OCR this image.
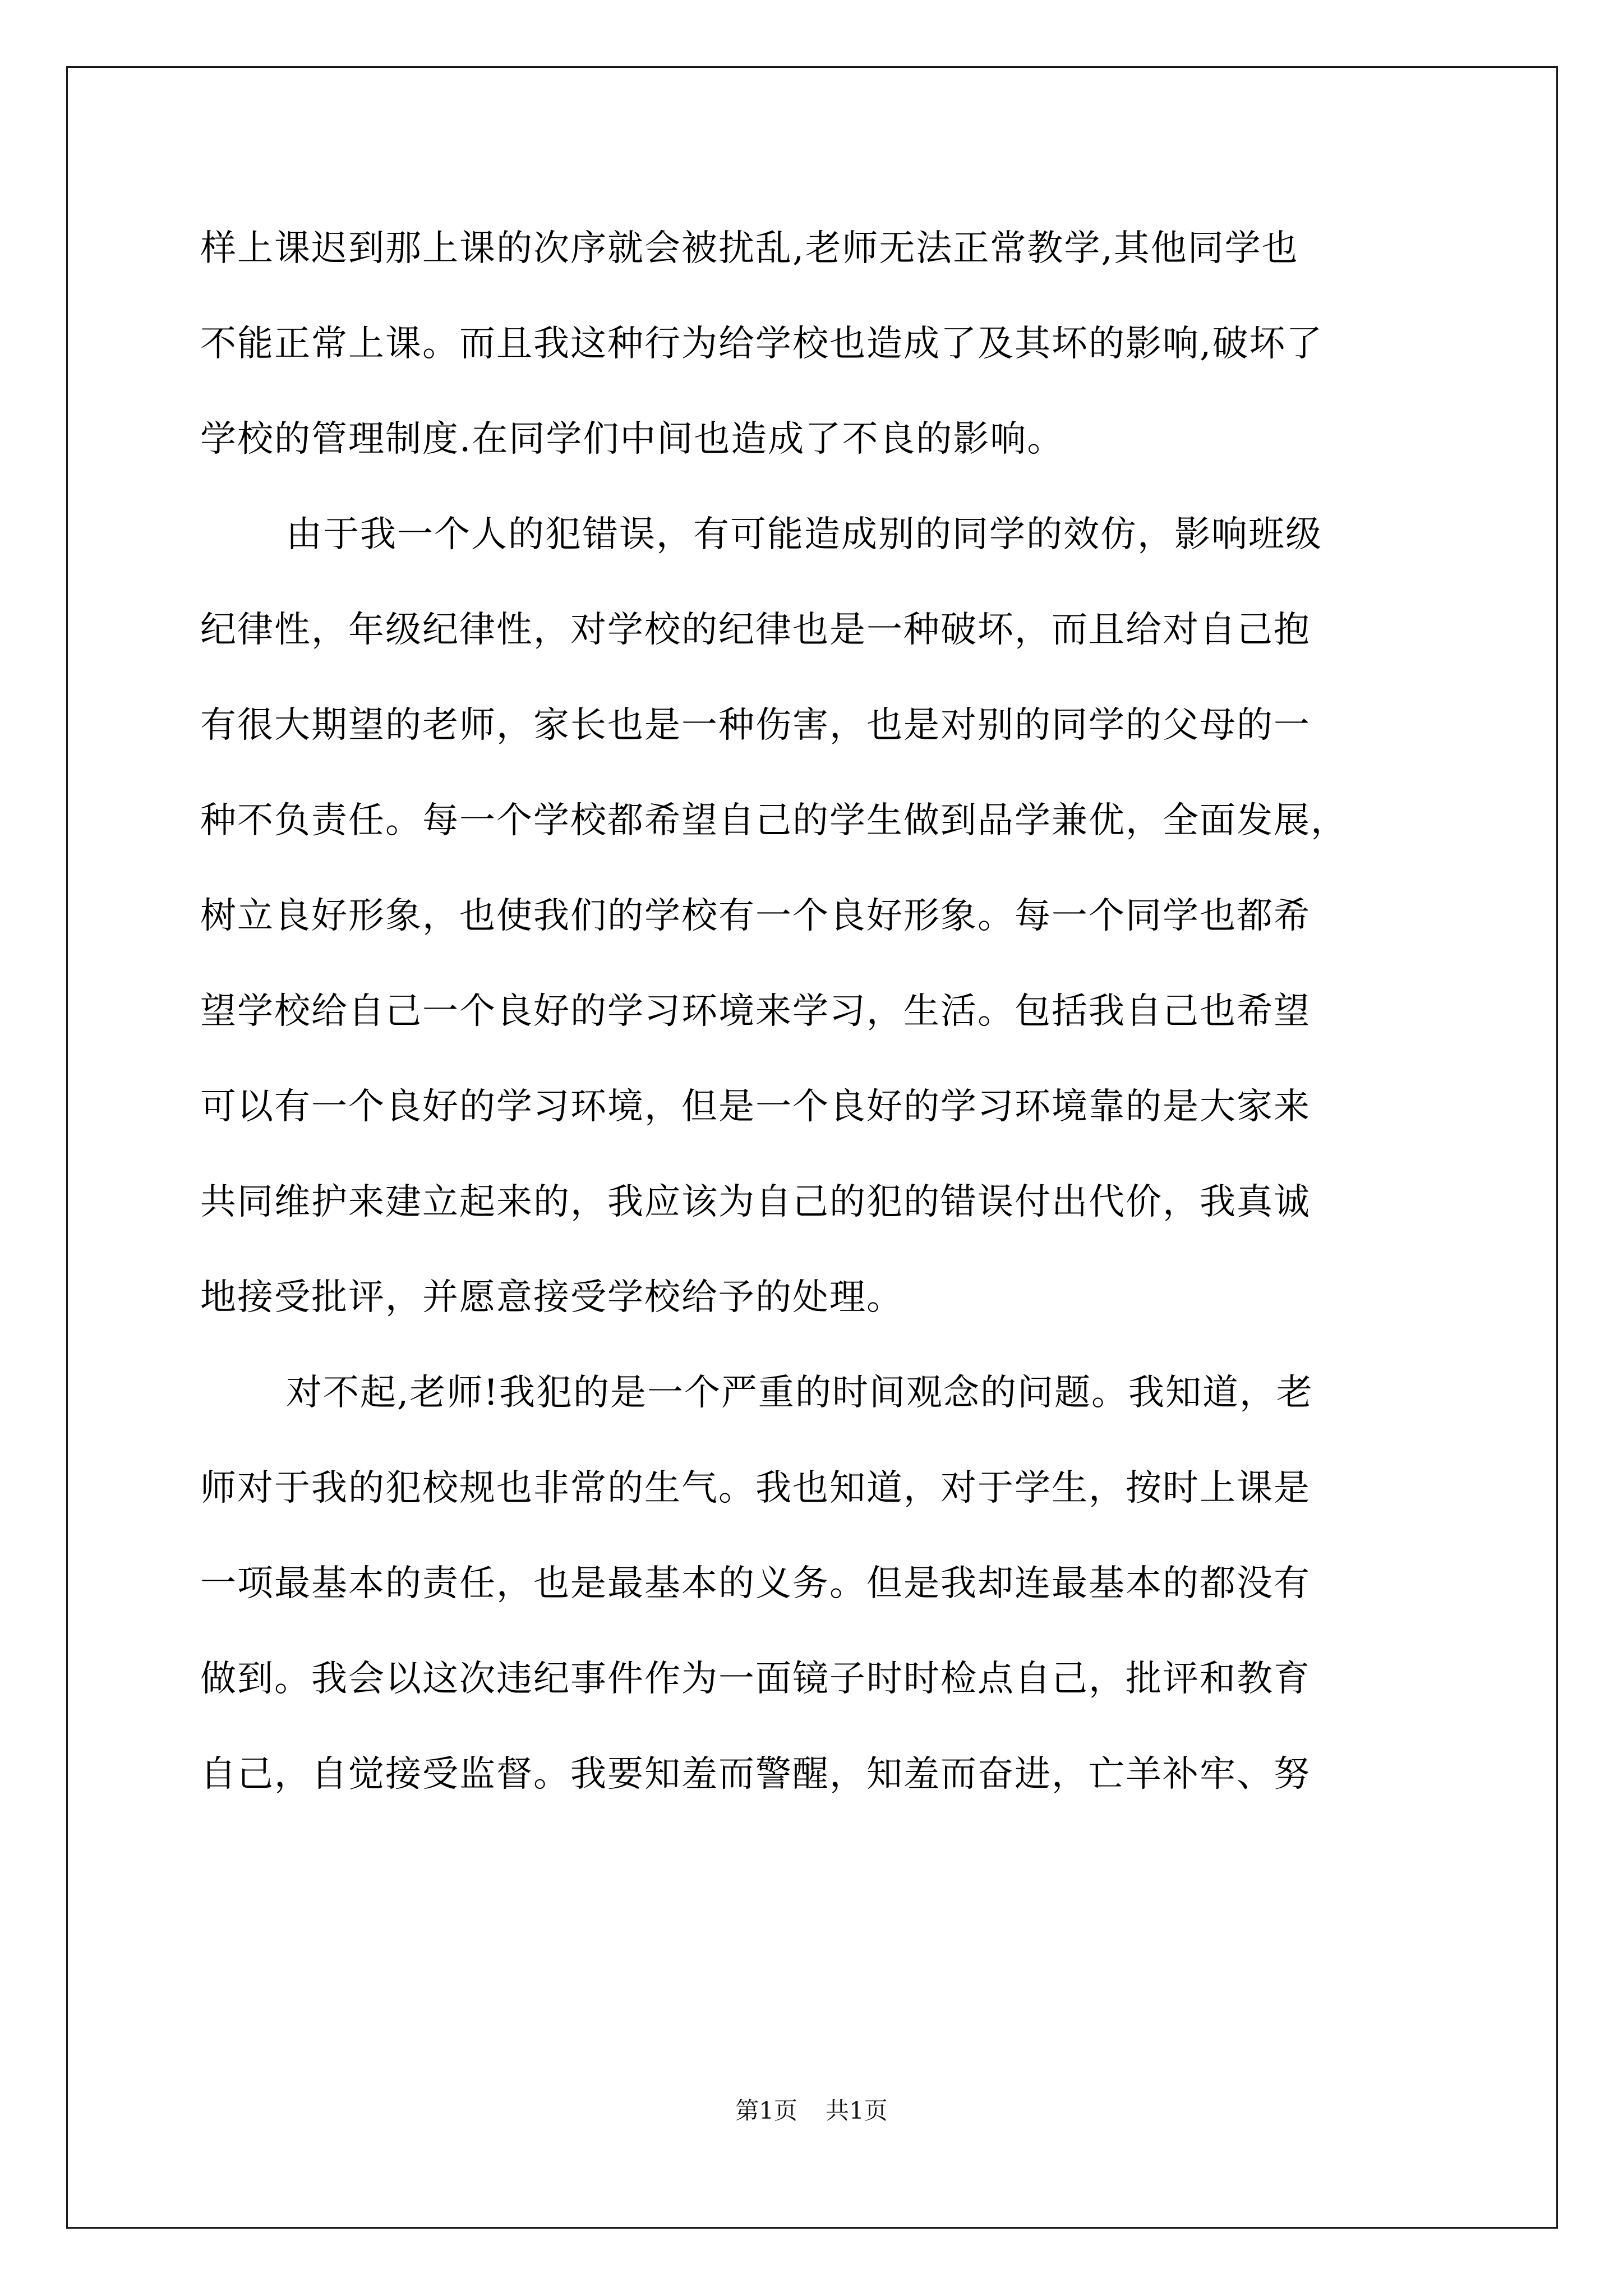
样上课迟到那上课的次序就会被扰乱,老师无法正常教学,其他同学也
不能正常上课。而且我这种行为给学校也造成了及其坏的影响,破坏了
学校的管理制度.在同学们中间也造成了不良的影响。
由于我一个人的犯错误，有可能造成别的同学的效仿，影响班级
纪律性，年级纪律性，对学校的纪律也是一种破坏，而且给对自己抱
有很大期望的老师，家长也是一种伤害，也是对别的同学的父母的一
种不负责任。每一个学校都希望自己的学生做到品学兼优，全面发展，
树立良好形象，也使我们的学校有一个良好形象。每一个同学也都希
望学校给自己一个良好的学习环境来学习，生活。包括我自己也希望
可以有一个良好的学习环境，但是一个良好的学习环境靠的是大家来
共同维护来建立起来的，我应该为自己的犯的错误付出代价，我真诚
地接受批评，并愿意接受学校给予的处理。
对不起,老师!我犯的是一个严重的时间观念的问题。我知道，老
师对于我的犯校规也非常的生气。我也知道，对于学生，按时上课是
一项最基本的责任，也是最基本的义务。但是我却连最基本的都没有
做到。我会以这次违纪事件作为一面镜子时时检点自己，批评和教育
自己，自觉接受监督。我要知羞而警醒，知羞而奋进，亡羊补牢、努
第1页 共1页
